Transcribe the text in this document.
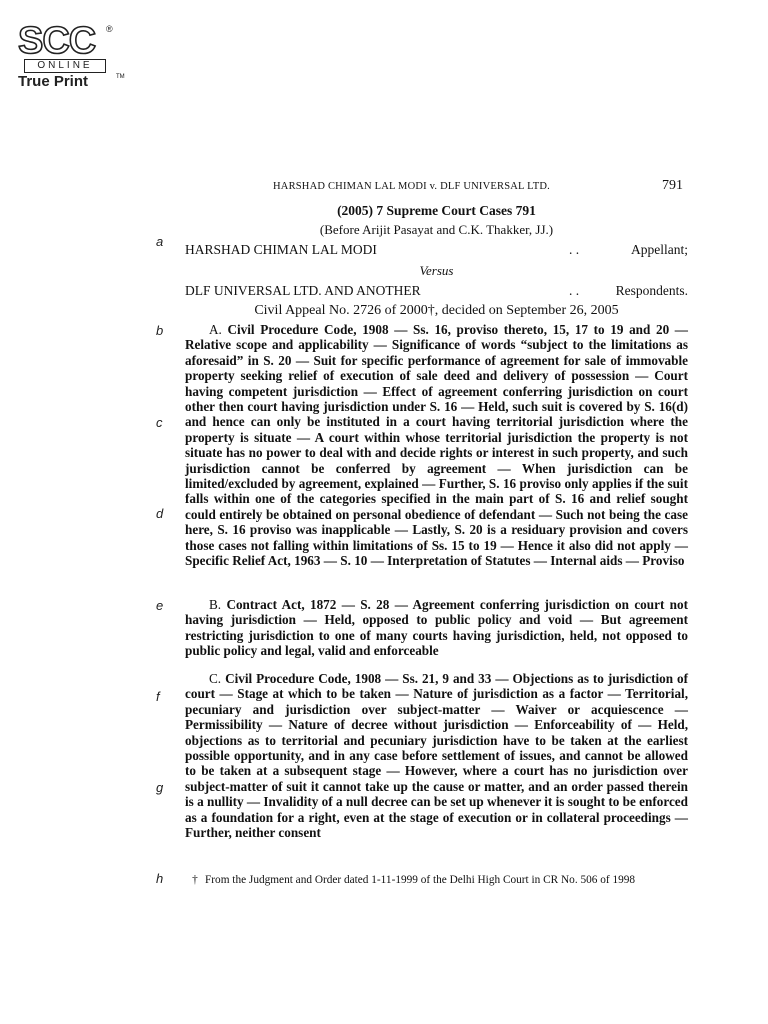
SCC ®
ONLINE
True Print	TM
a
b
c
d
e
f
g
h
HARSHAD CHIMAN LAL MODI v. DLF UNIVERSAL LTD.	791
(2005) 7 Supreme Court Cases 791
(Before Arijit Pasayat and C.K. Thakker, JJ.)
HARSHAD CHIMAN LAL MODI	. .	Appellant;
Versus
DLF UNIVERSAL LTD. AND ANOTHER	. .	Respondents.
Civil Appeal No. 2726 of 2000†, decided on September 26, 2005
A. Civil Procedure Code, 1908 — Ss. 16, proviso thereto, 15, 17 to 19 and 20 — Relative scope and applicability — Significance of words “subject to the limitations as aforesaid” in S. 20 — Suit for specific performance of agreement for sale of immovable property seeking relief of execution of sale deed and delivery of possession — Court having competent jurisdiction — Effect of agreement conferring jurisdiction on court other then court having jurisdiction under S. 16 — Held, such suit is covered by S. 16(d) and hence can only be instituted in a court having territorial jurisdiction where the property is situate — A court within whose territorial jurisdiction the property is not situate has no power to deal with and decide rights or interest in such property, and such jurisdiction cannot be conferred by agreement — When jurisdiction can be limited/excluded by agreement, explained — Further, S. 16 proviso only applies if the suit falls within one of the categories specified in the main part of S. 16 and relief sought could entirely be obtained on personal obedience of defendant — Such not being the case here, S. 16 proviso was inapplicable — Lastly, S. 20 is a residuary provision and covers those cases not falling within limitations of Ss. 15 to 19 — Hence it also did not apply — Specific Relief Act, 1963 — S. 10 — Interpretation of Statutes — Internal aids — Proviso
B. Contract Act, 1872 — S. 28 — Agreement conferring jurisdiction on court not having jurisdiction — Held, opposed to public policy and void — But agreement restricting jurisdiction to one of many courts having jurisdiction, held, not opposed to public policy and legal, valid and enforceable
C. Civil Procedure Code, 1908 — Ss. 21, 9 and 33 — Objections as to jurisdiction of court — Stage at which to be taken — Nature of jurisdiction as a factor — Territorial, pecuniary and jurisdiction over subject-matter — Waiver or acquiescence — Permissibility — Nature of decree without jurisdiction — Enforceability of — Held, objections as to territorial and pecuniary jurisdiction have to be taken at the earliest possible opportunity, and in any case before settlement of issues, and cannot be allowed to be taken at a subsequent stage — However, where a court has no jurisdiction over subject-matter of suit it cannot take up the cause or matter, and an order passed therein is a nullity — Invalidity of a null decree can be set up whenever it is sought to be enforced as a foundation for a right, even at the stage of execution or in collateral proceedings — Further, neither consent
† From the Judgment and Order dated 1-11-1999 of the Delhi High Court in CR No. 506 of 1998
